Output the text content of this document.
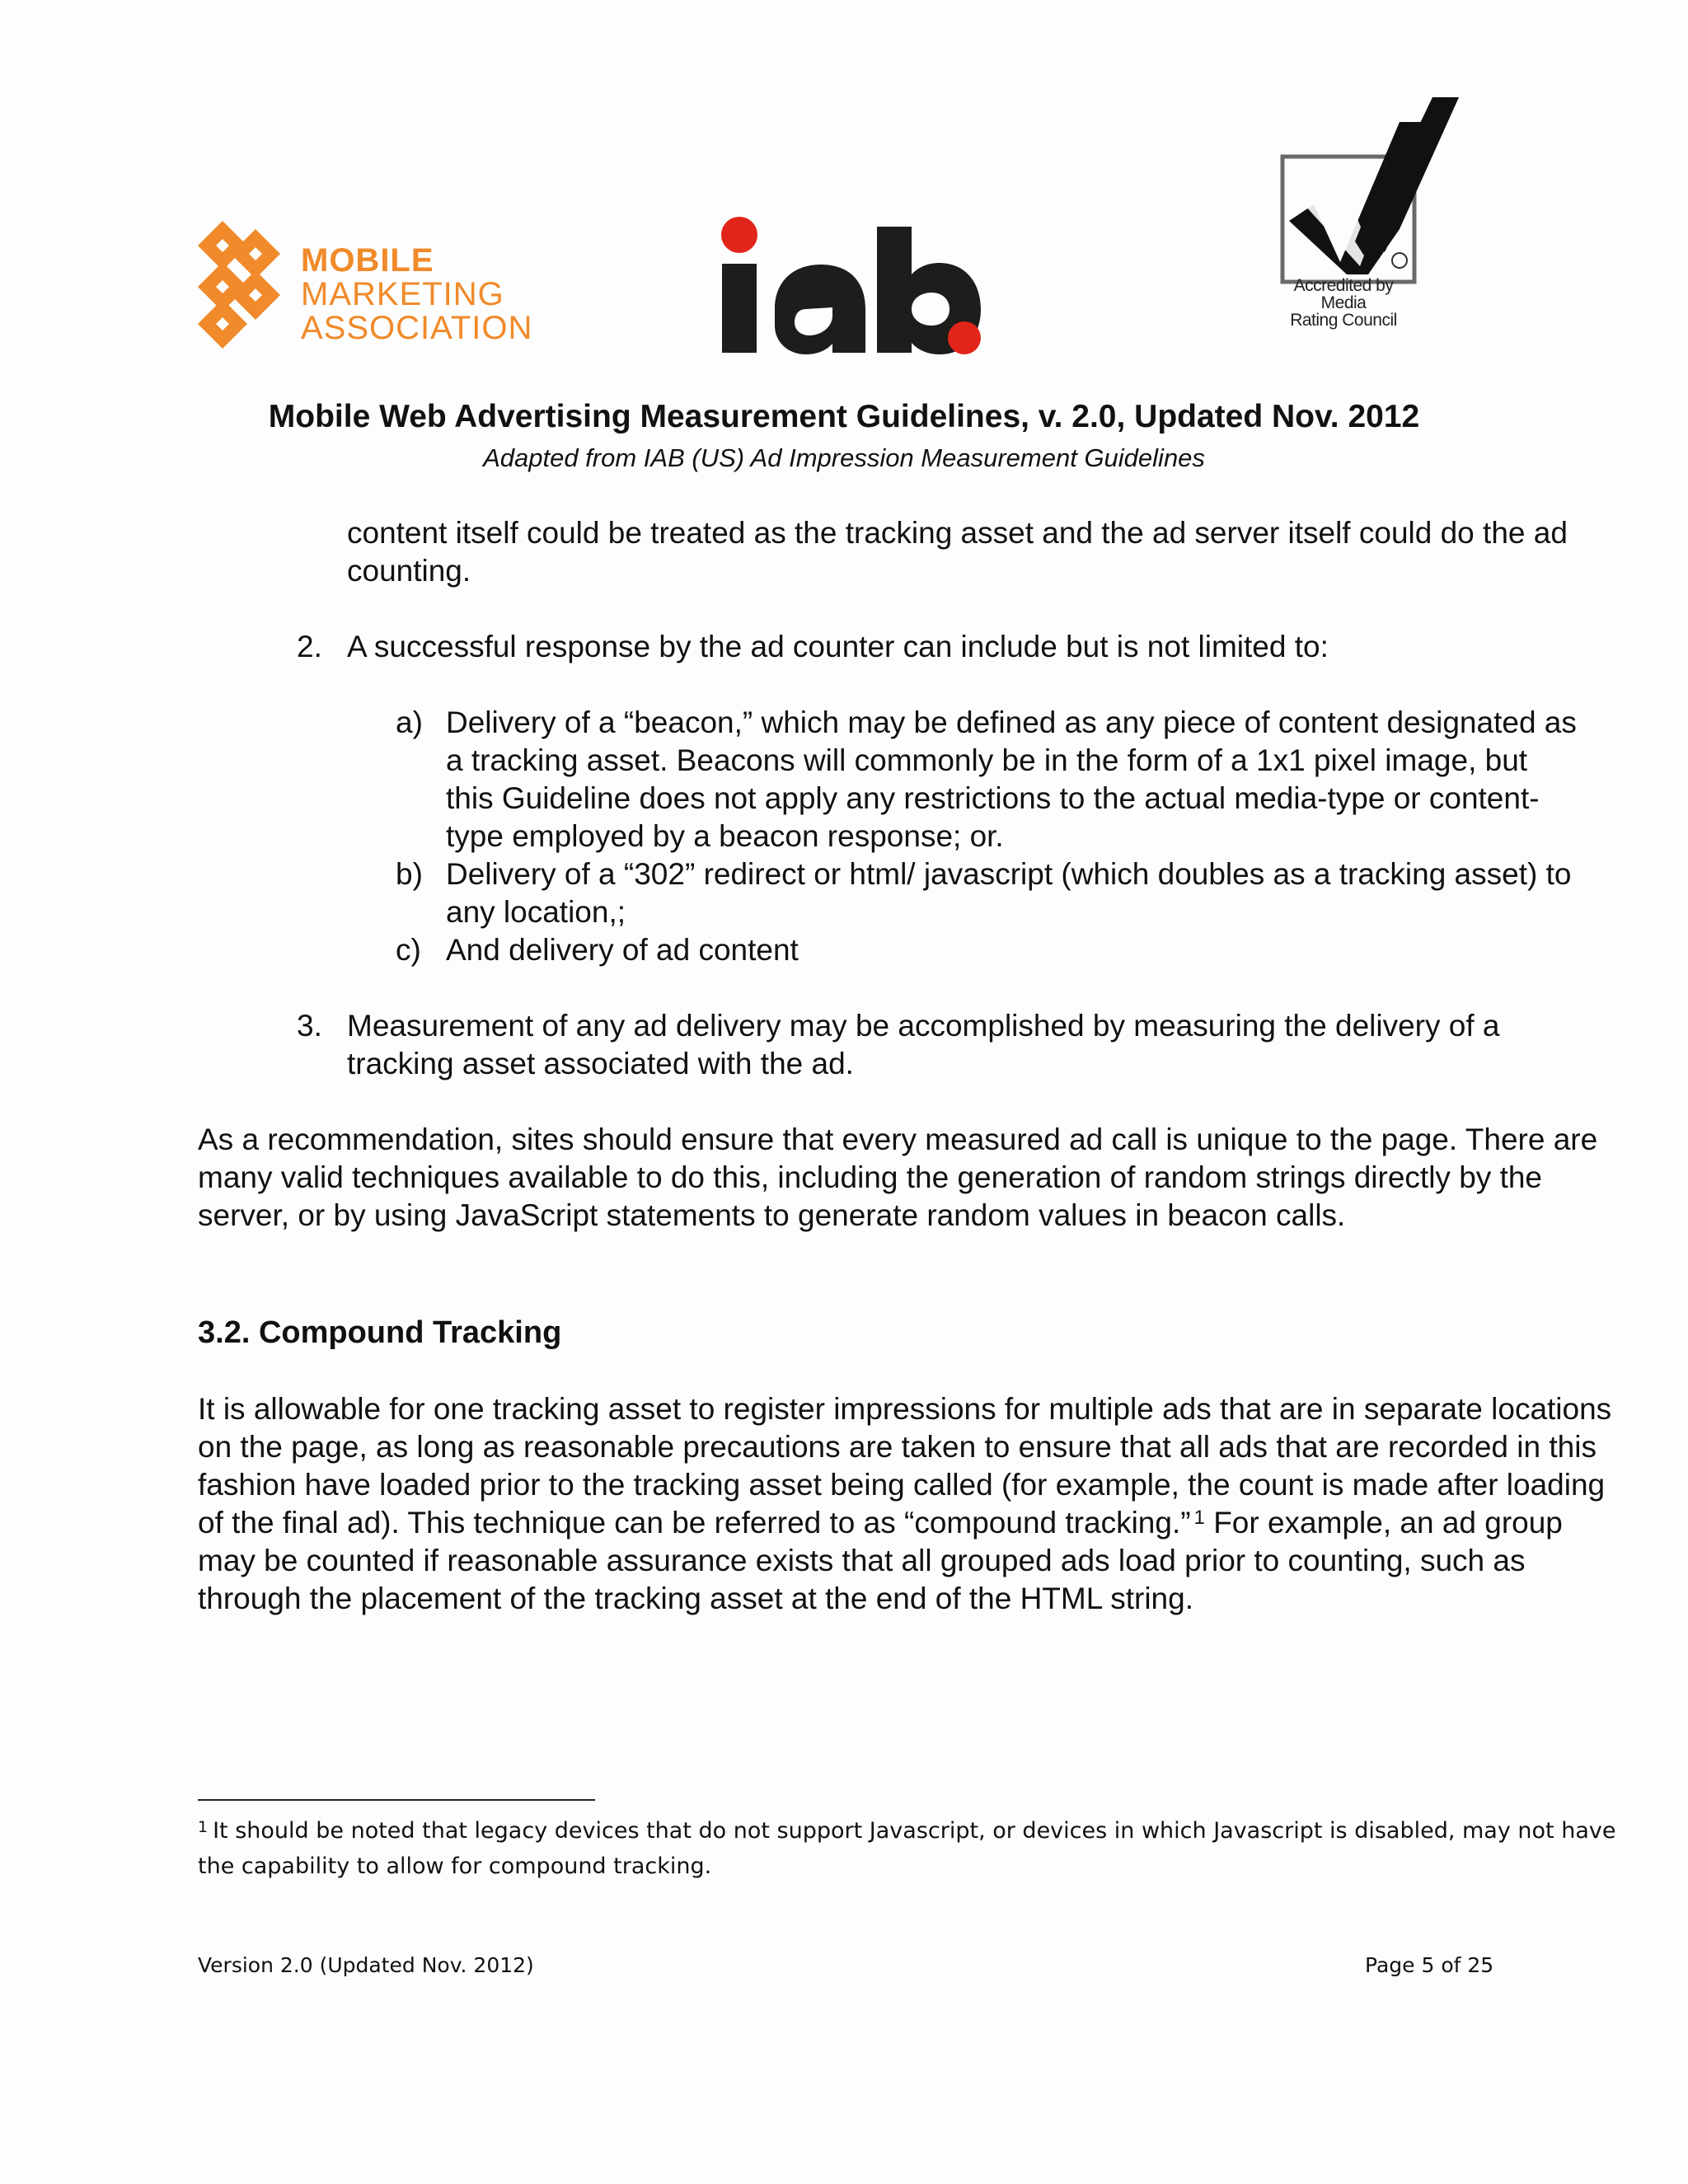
MOBILE
MARKETING
ASSOCIATION
Accredited by
Media
Rating Council
Mobile Web Advertising Measurement Guidelines, v. 2.0, Updated Nov. 2012
Adapted from IAB (US) Ad Impression Measurement Guidelines
content itself could be treated as the tracking asset and the ad server itself could do the ad counting.
2. A successful response by the ad counter can include but is not limited to:
a) Delivery of a “beacon,” which may be defined as any piece of content designated as a tracking asset. Beacons will commonly be in the form of a 1x1 pixel image, but this Guideline does not apply any restrictions to the actual media-type or content-type employed by a beacon response; or.
b) Delivery of a “302” redirect or html/ javascript (which doubles as a tracking asset) to any location,;
c) And delivery of ad content
3. Measurement of any ad delivery may be accomplished by measuring the delivery of a tracking asset associated with the ad.
As a recommendation, sites should ensure that every measured ad call is unique to the page. There are many valid techniques available to do this, including the generation of random strings directly by the server, or by using JavaScript statements to generate random values in beacon calls.
3.2. Compound Tracking
It is allowable for one tracking asset to register impressions for multiple ads that are in separate locations on the page, as long as reasonable precautions are taken to ensure that all ads that are recorded in this fashion have loaded prior to the tracking asset being called (for example, the count is made after loading of the final ad). This technique can be referred to as “compound tracking.” $^1$ For example, an ad group may be counted if reasonable assurance exists that all grouped ads load prior to counting, such as through the placement of the tracking asset at the end of the HTML string.
$^1$ It should be noted that legacy devices that do not support Javascript, or devices in which Javascript is disabled, may not have the capability to allow for compound tracking.
Version 2.0 (Updated Nov. 2012)	Page 5 of 25
